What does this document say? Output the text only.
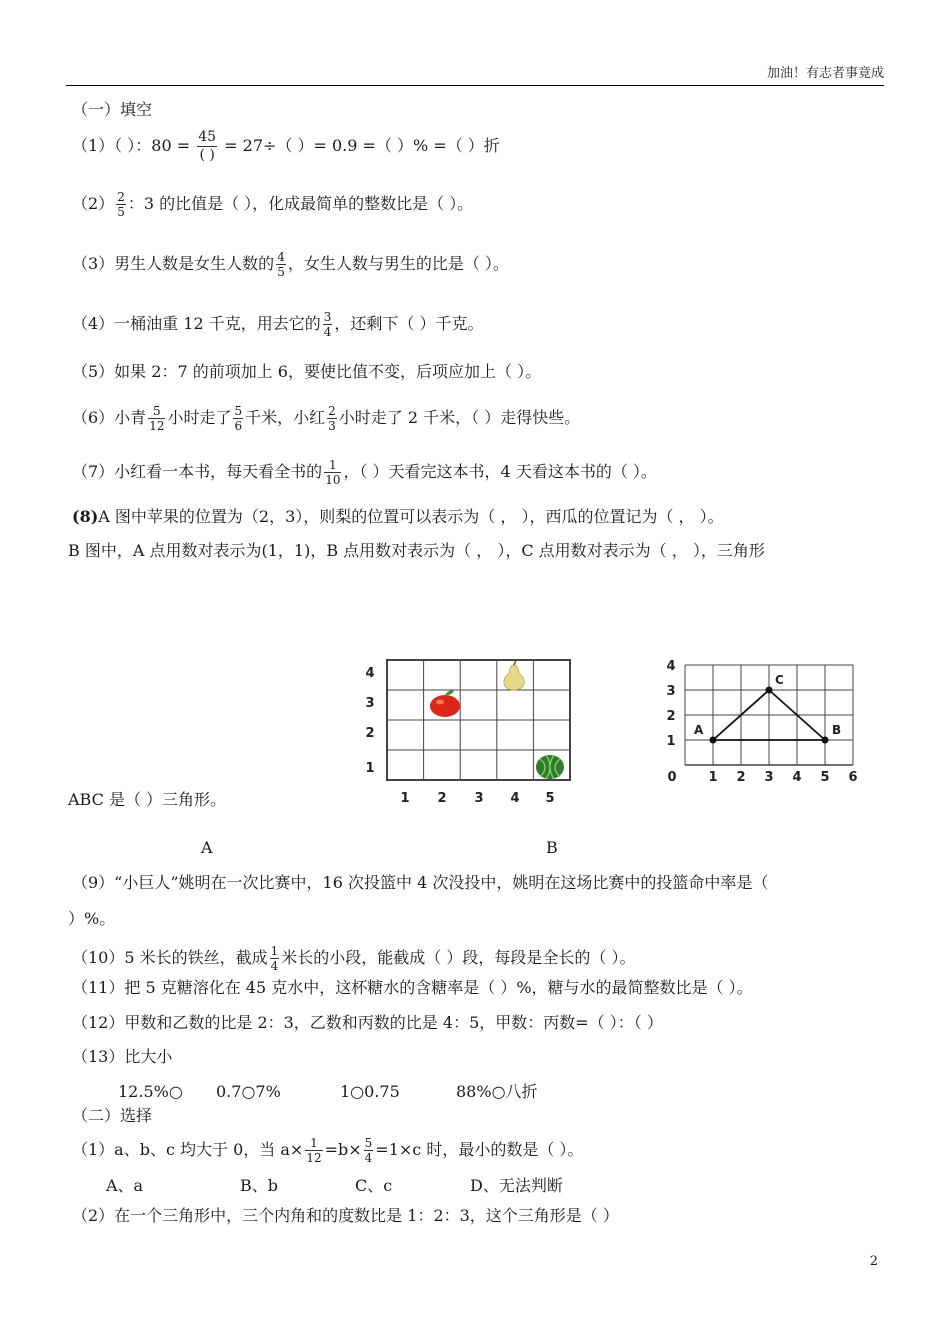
加油！有志者事竟成
（一）填空
（1）（ ）：$80 = \frac{45}{( )} = 27\div$（ ）= 0.9 =（ ）% =（ ）折
$(2) \frac{2}{5}$ ：3 的比值是（ ），化成最简单的整数比是（ ）。
（3）男生人数是女生人数的 $\frac{4}{5}$ ，女生人数与男生的比是（ ）。
（4）一桶油重 12 千克，用去它的 $\frac{3}{4}$ ，还剩下（ ）千克。
（5）如果 2：7 的前项加上 6，要使比值不变，后项应加上（ ）。
（6）小青 $\frac{5}{12}$ 小时走了 $\frac{5}{6}$ 千米，小红 $\frac{2}{3}$ 小时走了 2 千米，（ ）走得快些。
（7）小红看一本书，每天看全书的 $\frac{1}{10}$ ，（ ）天看完这本书，4 天看这本书的（ ）。
(8)A 图中苹果的位置为（2，3），则梨的位置可以表示为（ ， ），西瓜的位置记为（ ， ）。
B 图中，A 点用数对表示为(1，1)，B 点用数对表示为（ ， ），C 点用数对表示为（ ， ），三角形
4
3
2
1
1 2 3 4 5
A
C
B
4
3
2
1
0 1 2 3 4 5 6
ABC 是（ ）三角形。
A	B
（9）“小巨人”姚明在一次比赛中，16 次投篮中 4 次没投中，姚明在这场比赛中的投篮命中率是（
）%。
（10）5 米长的铁丝，截成 $\frac{1}{4}$ 米长的小段，能截成（ ）段，每段是全长的（ ）。
（11）把 5 克糖溶化在 45 克水中，这杯糖水的含糖率是（ ）%，糖与水的最简整数比是（ ）。
（12）甲数和乙数的比是 2：3，乙数和丙数的比是 4：5，甲数：丙数=（ ）：（ ）
（13）比大小
12.5%○ 0.7○7%	1○0.75	88%○八折
（二）选择
（1）a、b、c 均大于 0，当 $a\times \frac{1}{12} =b\times \frac{5}{4} =1\times c$ 时，最小的数是（ ）。
A、a	B、b	C、c	D、无法判断
（2）在一个三角形中，三个内角和的度数比是 1：2：3，这个三角形是（ ）
2
